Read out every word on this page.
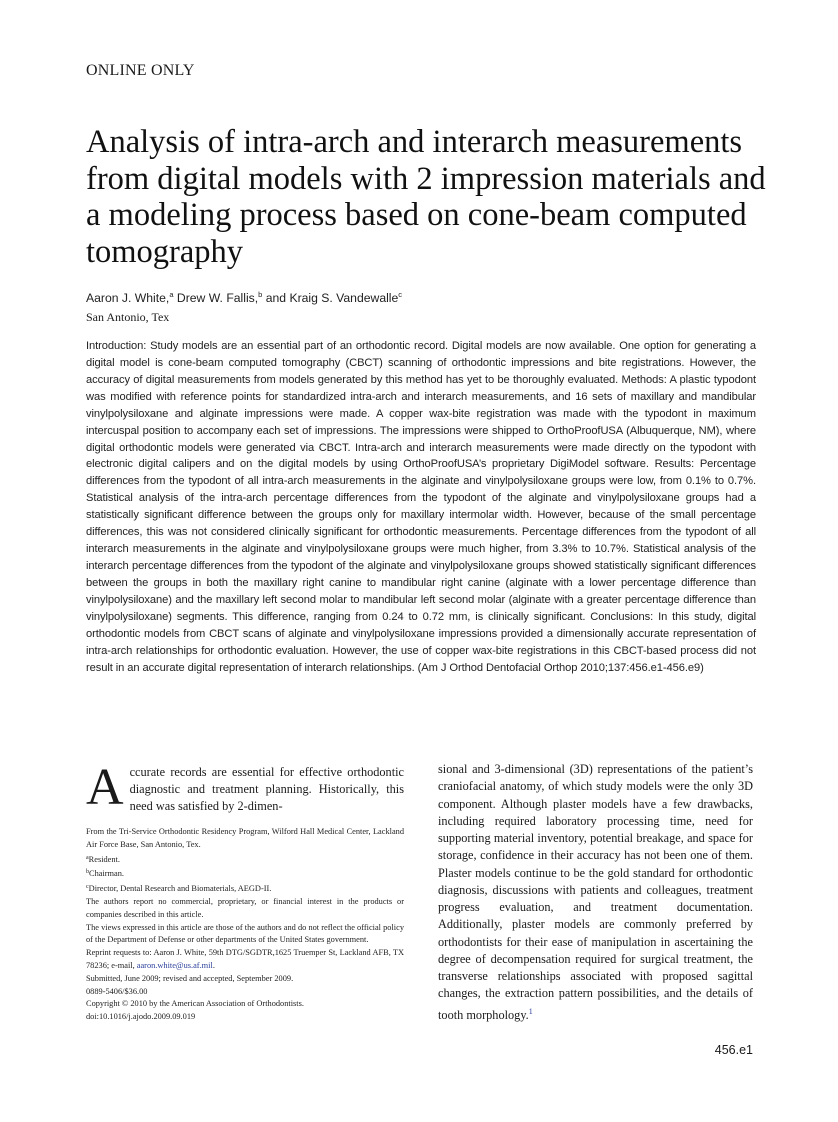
ONLINE ONLY
Analysis of intra-arch and interarch measurements from digital models with 2 impression materials and a modeling process based on cone-beam computed tomography
Aaron J. White,$^a$ Drew W. Fallis,$^b$ and Kraig S. Vandewalle$^c$
San Antonio, Tex

Introduction: Study models are an essential part of an orthodontic record. Digital models are now available. One option for generating a digital model is cone-beam computed tomography (CBCT) scanning of orthodontic impressions and bite registrations. However, the accuracy of digital measurements from models generated by this method has yet to be thoroughly evaluated. Methods: A plastic typodont was modified with reference points for standardized intra-arch and interarch measurements, and 16 sets of maxillary and mandibular vinylpolysiloxane and alginate impressions were made. A copper wax-bite registration was made with the typodont in maximum intercuspal position to accompany each set of impressions. The impressions were shipped to OrthoProofUSA (Albuquerque, NM), where digital orthodontic models were generated via CBCT. Intra-arch and interarch measurements were made directly on the typodont with electronic digital calipers and on the digital models by using OrthoProofUSA’s proprietary DigiModel software. Results: Percentage differences from the typodont of all intra-arch measurements in the alginate and vinylpolysiloxane groups were low, from 0.1% to 0.7%. Statistical analysis of the intra-arch percentage differences from the typodont of the alginate and vinylpolysiloxane groups had a statistically significant difference between the groups only for maxillary intermolar width. However, because of the small percentage differences, this was not considered clinically significant for orthodontic measurements. Percentage differences from the typodont of all interarch measurements in the alginate and vinylpolysiloxane groups were much higher, from 3.3% to 10.7%. Statistical analysis of the interarch percentage differences from the typodont of the alginate and vinylpolysiloxane groups showed statistically significant differences between the groups in both the maxillary right canine to mandibular right canine (alginate with a lower percentage difference than vinylpolysiloxane) and the maxillary left second molar to mandibular left second molar (alginate with a greater percentage difference than vinylpolysiloxane) segments. This difference, ranging from 0.24 to 0.72 mm, is clinically significant. Conclusions: In this study, digital orthodontic models from CBCT scans of alginate and vinylpolysiloxane impressions provided a dimensionally accurate representation of intra-arch relationships for orthodontic evaluation. However, the use of copper wax-bite registrations in this CBCT-based process did not result in an accurate digital representation of interarch relationships. (Am J Orthod Dentofacial Orthop 2010;137:456.e1-456.e9)

Accurate records are essential for effective orthodontic diagnostic and treatment planning. Historically, this need was satisfied by 2-dimen-

From the Tri-Service Orthodontic Residency Program, Wilford Hall Medical Center, Lackland Air Force Base, San Antonio, Tex.

$^a$Resident.

$^b$Chairman.

$^c$Director, Dental Research and Biomaterials, AEGD-II.

The authors report no commercial, proprietary, or financial interest in the products or companies described in this article.

The views expressed in this article are those of the authors and do not reflect the official policy of the Department of Defense or other departments of the United States government.

Reprint requests to: Aaron J. White, 59th DTG/SGDTR,1625 Truemper St, Lackland AFB, TX 78236; e-mail, aaron.white@us.af.mil.

Submitted, June 2009; revised and accepted, September 2009.

0889-5406/$36.00

Copyright © 2010 by the American Association of Orthodontists.

doi:10.1016/j.ajodo.2009.09.019

sional and 3-dimensional (3D) representations of the patient’s craniofacial anatomy, of which study models were the only 3D component. Although plaster models have a few drawbacks, including required laboratory processing time, need for supporting material inventory, potential breakage, and space for storage, confidence in their accuracy has not been one of them. Plaster models continue to be the gold standard for orthodontic diagnosis, discussions with patients and colleagues, treatment progress evaluation, and treatment documentation. Additionally, plaster models are commonly preferred by orthodontists for their ease of manipulation in ascertaining the degree of decompensation required for surgical treatment, the transverse relationships associated with proposed sagittal changes, the extraction pattern possibilities, and the details of tooth morphology.$^1$

456.e1
